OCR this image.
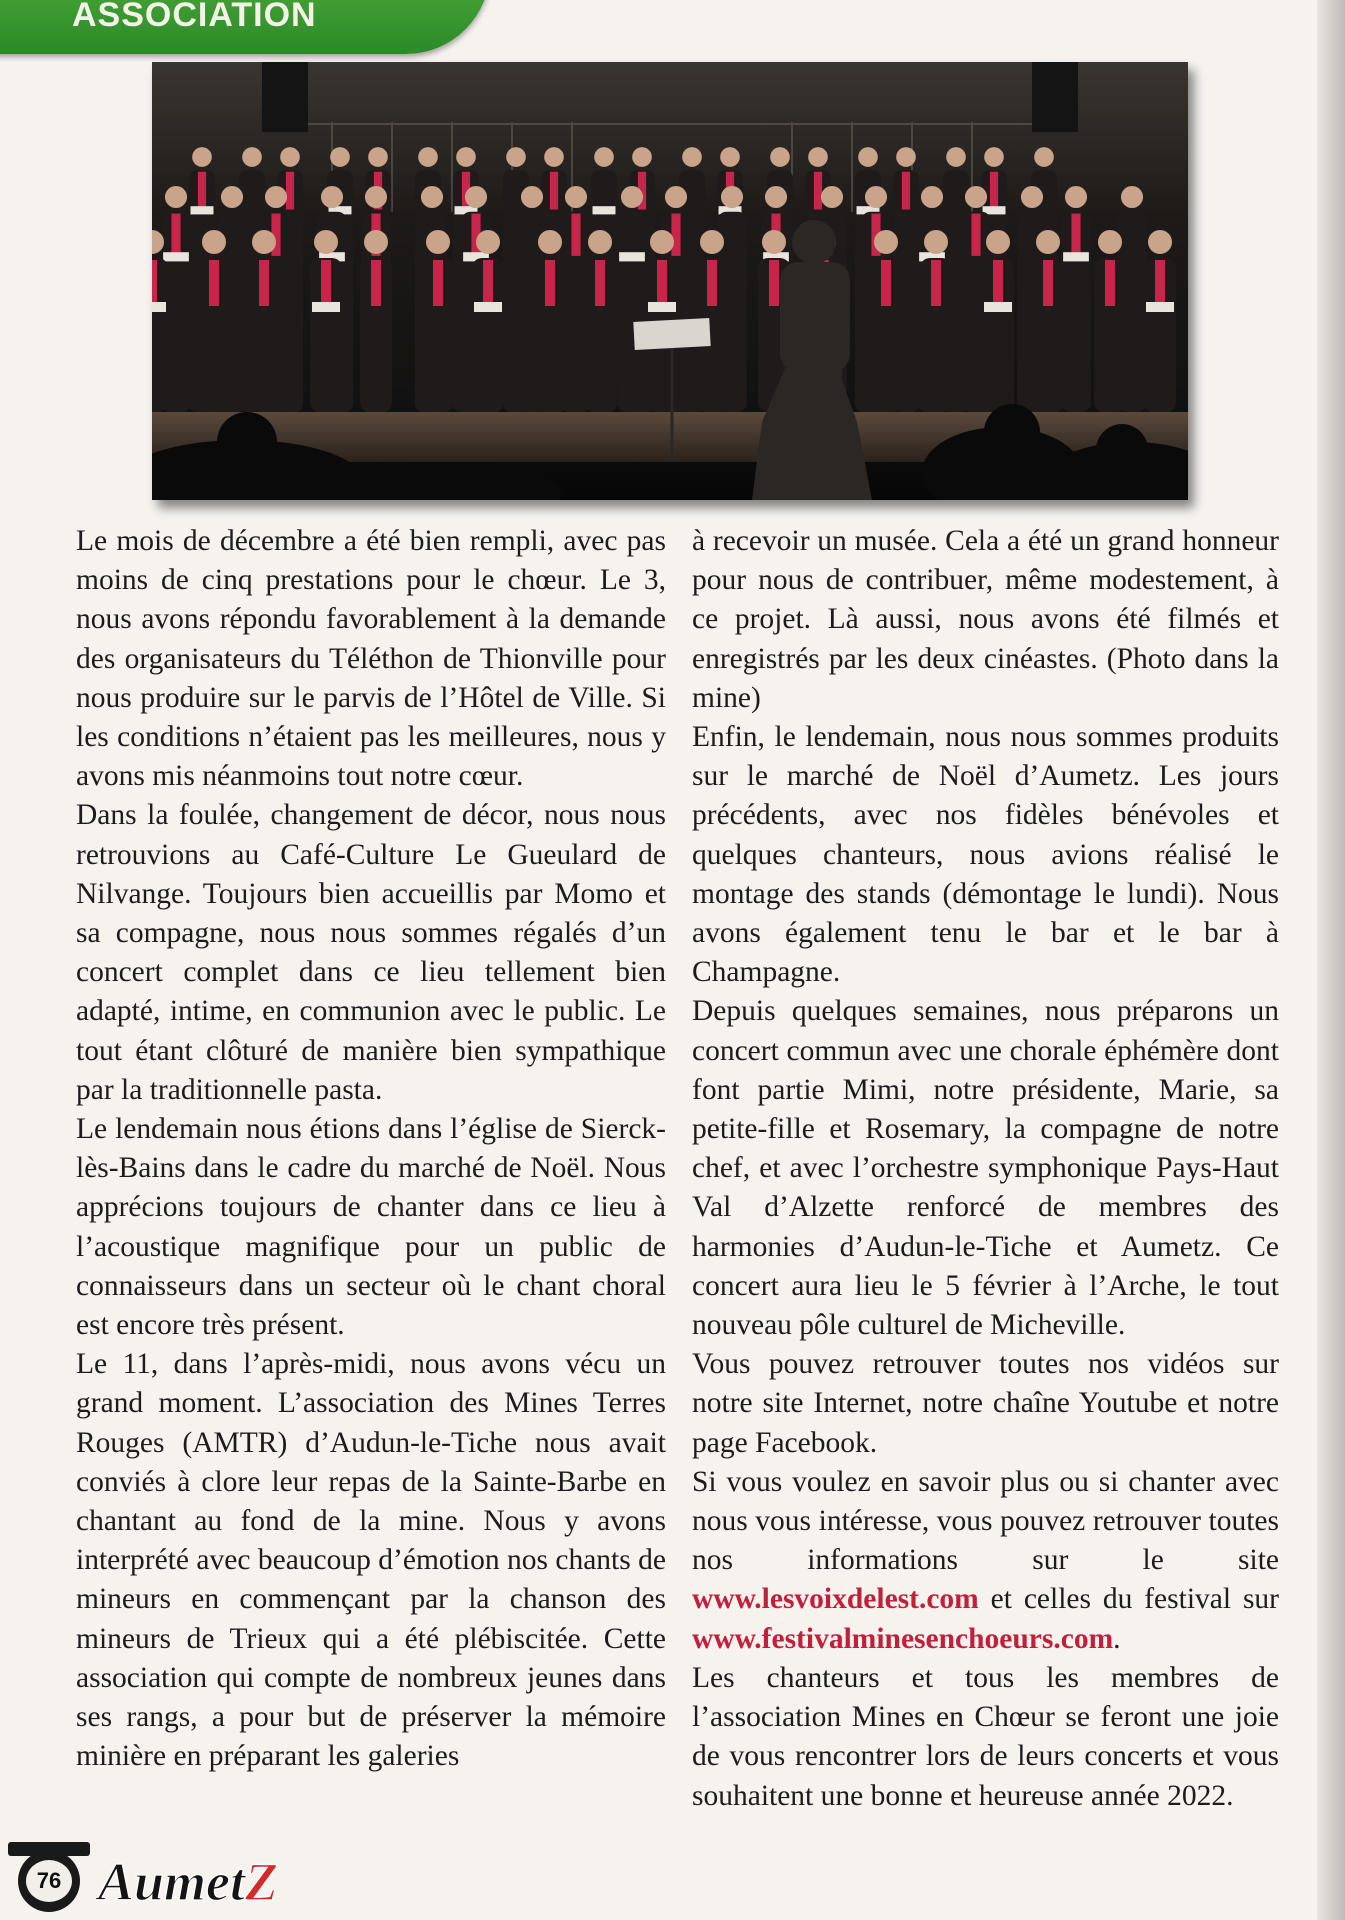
ASSOCIATION

Le mois de décembre a été bien rempli, avec pas moins de cinq prestations pour le chœur. Le 3, nous avons répondu favorablement à la demande des organisateurs du Téléthon de Thionville pour nous produire sur le parvis de l’Hôtel de Ville. Si les conditions n’étaient pas les meilleures, nous y avons mis néanmoins tout notre cœur.

Dans la foulée, changement de décor, nous nous retrouvions au Café-Culture Le Gueulard de Nilvange. Toujours bien accueillis par Momo et sa compagne, nous nous sommes régalés d’un concert complet dans ce lieu tellement bien adapté, intime, en communion avec le public. Le tout étant clôturé de manière bien sympathique par la traditionnelle pasta.

Le lendemain nous étions dans l’église de Sierck-lès-Bains dans le cadre du marché de Noël. Nous apprécions toujours de chanter dans ce lieu à l’acoustique magnifique pour un public de connaisseurs dans un secteur où le chant choral est encore très présent.

Le 11, dans l’après-midi, nous avons vécu un grand moment. L’association des Mines Terres Rouges (AMTR) d’Audun-le-Tiche nous avait conviés à clore leur repas de la Sainte-Barbe en chantant au fond de la mine. Nous y avons interprété avec beaucoup d’émotion nos chants de mineurs en commençant par la chanson des mineurs de Trieux qui a été plébiscitée. Cette association qui compte de nombreux jeunes dans ses rangs, a pour but de préserver la mémoire minière en préparant les galeries

à recevoir un musée. Cela a été un grand honneur pour nous de contribuer, même modestement, à ce projet. Là aussi, nous avons été filmés et enregistrés par les deux cinéastes. (Photo dans la mine)

Enfin, le lendemain, nous nous sommes produits sur le marché de Noël d’Aumetz. Les jours précédents, avec nos fidèles bénévoles et quelques chanteurs, nous avions réalisé le montage des stands (démontage le lundi). Nous avons également tenu le bar et le bar à Champagne.

Depuis quelques semaines, nous préparons un concert commun avec une chorale éphémère dont font partie Mimi, notre présidente, Marie, sa petite-fille et Rosemary, la compagne de notre chef, et avec l’orchestre symphonique Pays-Haut Val d’Alzette renforcé de membres des harmonies d’Audun-le-Tiche et Aumetz. Ce concert aura lieu le 5 février à l’Arche, le tout nouveau pôle culturel de Micheville.

Vous pouvez retrouver toutes nos vidéos sur notre site Internet, notre chaîne Youtube et notre page Facebook.

Si vous voulez en savoir plus ou si chanter avec nous vous intéresse, vous pouvez retrouver toutes nos informations sur le site www.lesvoixdelest.com et celles du festival sur www.festivalminesenchoeurs.com.

Les chanteurs et tous les membres de l’association Mines en Chœur se feront une joie de vous rencontrer lors de leurs concerts et vous souhaitent une bonne et heureuse année 2022.

76 AumetZ
